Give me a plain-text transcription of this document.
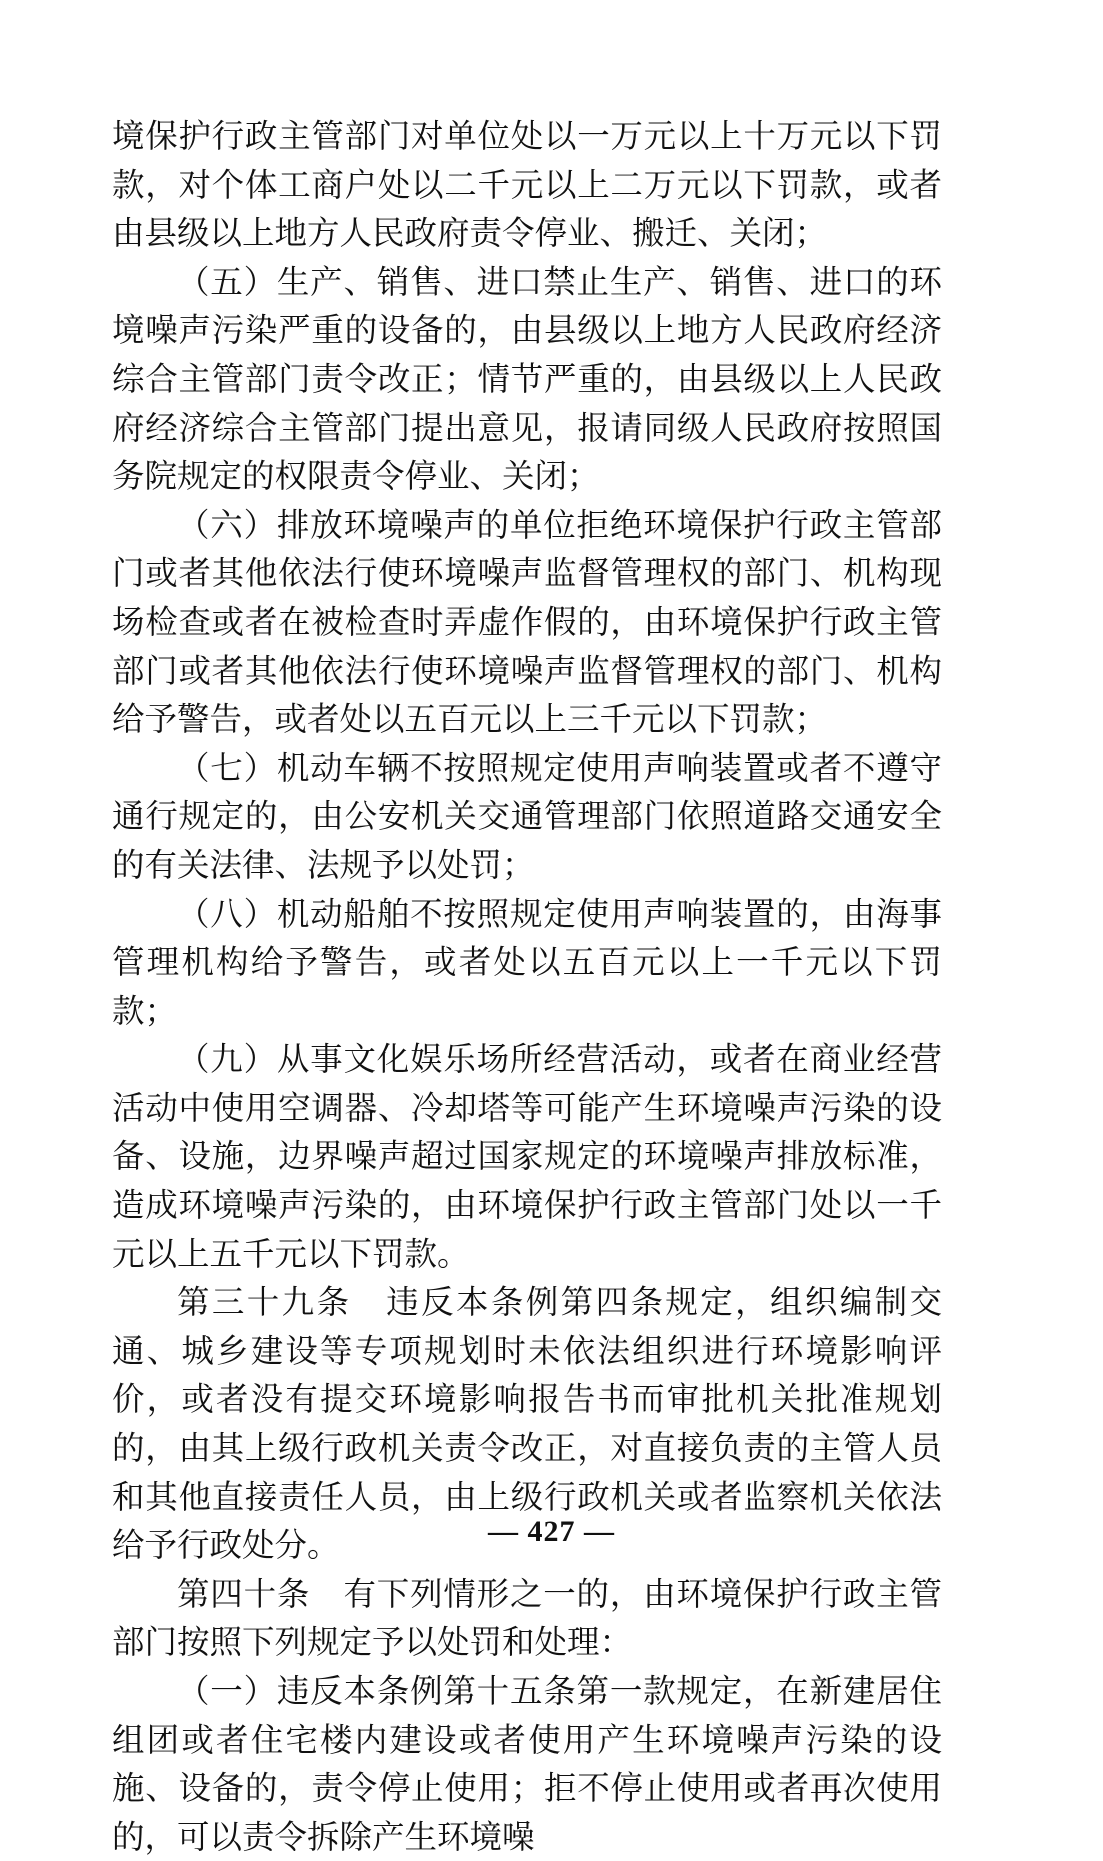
境保护行政主管部门对单位处以一万元以上十万元以下罚款，对个体工商户处以二千元以上二万元以下罚款，或者由县级以上地方人民政府责令停业、搬迁、关闭；

（五）生产、销售、进口禁止生产、销售、进口的环境噪声污染严重的设备的，由县级以上地方人民政府经济综合主管部门责令改正；情节严重的，由县级以上人民政府经济综合主管部门提出意见，报请同级人民政府按照国务院规定的权限责令停业、关闭；

（六）排放环境噪声的单位拒绝环境保护行政主管部门或者其他依法行使环境噪声监督管理权的部门、机构现场检查或者在被检查时弄虚作假的，由环境保护行政主管部门或者其他依法行使环境噪声监督管理权的部门、机构给予警告，或者处以五百元以上三千元以下罚款；

（七）机动车辆不按照规定使用声响装置或者不遵守通行规定的，由公安机关交通管理部门依照道路交通安全的有关法律、法规予以处罚；

（八）机动船舶不按照规定使用声响装置的，由海事管理机构给予警告，或者处以五百元以上一千元以下罚款；

（九）从事文化娱乐场所经营活动，或者在商业经营活动中使用空调器、冷却塔等可能产生环境噪声污染的设备、设施，边界噪声超过国家规定的环境噪声排放标准，造成环境噪声污染的，由环境保护行政主管部门处以一千元以上五千元以下罚款。

第三十九条　违反本条例第四条规定，组织编制交通、城乡建设等专项规划时未依法组织进行环境影响评价，或者没有提交环境影响报告书而审批机关批准规划的，由其上级行政机关责令改正，对直接负责的主管人员和其他直接责任人员，由上级行政机关或者监察机关依法给予行政处分。

第四十条　有下列情形之一的，由环境保护行政主管部门按照下列规定予以处罚和处理：

（一）违反本条例第十五条第一款规定，在新建居住组团或者住宅楼内建设或者使用产生环境噪声污染的设施、设备的，责令停止使用；拒不停止使用或者再次使用的，可以责令拆除产生环境噪

— 427 —
